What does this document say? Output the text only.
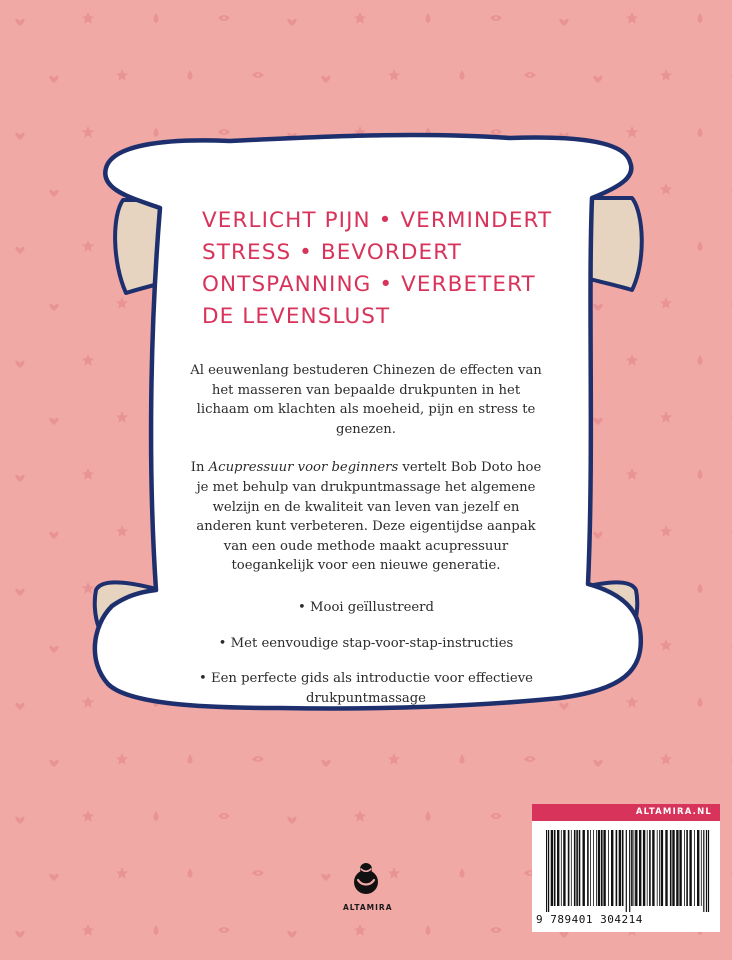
VERLICHT PIJN • VERMINDERT
STRESS • BEVORDERT
ONTSPANNING • VERBETERT
DE LEVENSLUST

Al eeuwenlang bestuderen Chinezen de effecten van het masseren van bepaalde drukpunten in het lichaam om klachten als moeheid, pijn en stress te genezen.

In Acupressuur voor beginners vertelt Bob Doto hoe je met behulp van drukpuntmassage het algemene welzijn en de kwaliteit van leven van jezelf en anderen kunt verbeteren. Deze eigentijdse aanpak van een oude methode maakt acupressuur toegankelijk voor een nieuwe generatie.

• Mooi geïllustreerd
• Met eenvoudige stap-voor-stap-instructies
• Een perfecte gids als introductie voor effectieve drukpuntmassage
ALTAMIRA
ALTAMIRA.NL
9 789401 304214
